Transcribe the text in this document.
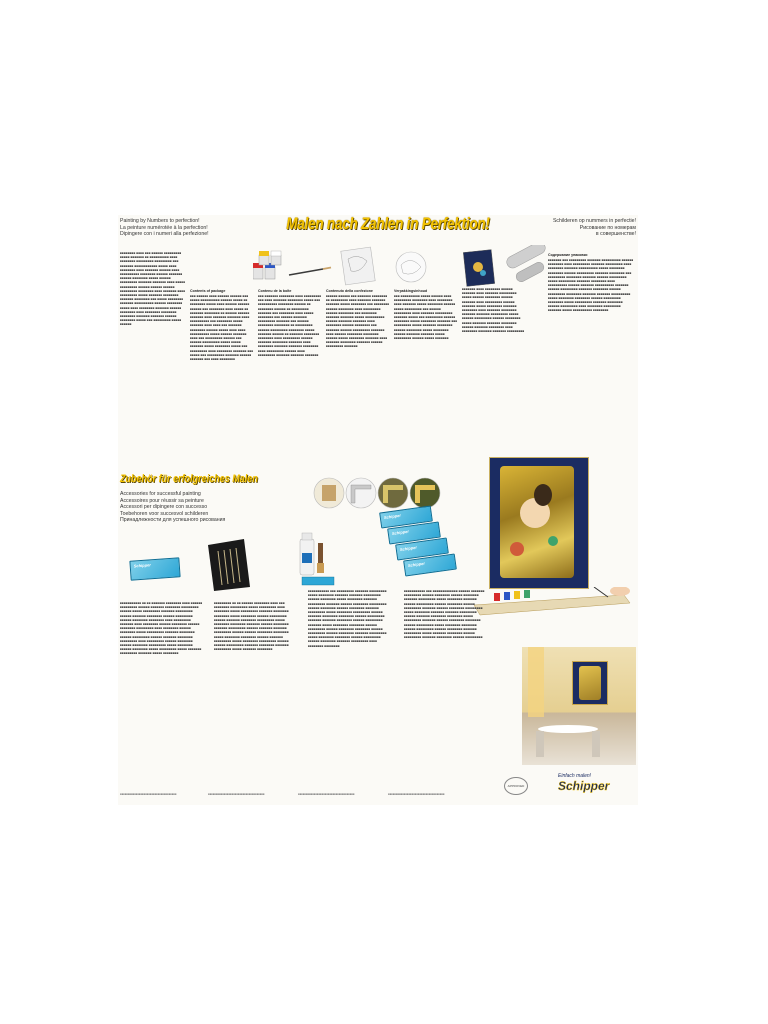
Painting by Numbers to perfection!
La peinture numérotée à la perfection!
Dipingere con i numeri alla perfezione!
Malen nach Zahlen in Perfektion!	Schilderen op nummers in perfectie!
Рисование по номерам
в совершенстве!

■■■■■■■■ ■■■■ ■■■ ■■■■■■ ■■■■■■■■■ ■■■■■ ■■■■■■■ ■■ ■■■■■■■■■■ ■■■■ ■■■■■■■■ ■■■■■■■■■ ■■■■■■■■■ ■■■ ■■■■■■■ ■■■■■■■■■■■■ ■■■■■ ■■■■ ■■■■■■■■ ■■■■ ■■■■■■■ ■■■■■■ ■■■■ ■■■■■■■■■■ ■■■■■■■■ ■■■■■■ ■■■■■■■ ■■■■■■ ■■■■■■■■ ■■■■■ ■■■■■■ ■■■■■■■■■ ■■■■■■■ ■■■■■■■ ■■■■ ■■■■■ ■■■■■■■■■ ■■■■■■ ■■■■■■ ■■■■■■ ■■■■■■■■■ ■■■■■■■■ ■■■■ ■■■■■■■ ■■■■ ■■■■■■■■■ ■■■■■ ■■■■■■■ ■■■■■■■■ ■■■■■■■ ■■■■■■■■ ■■■ ■■■■■ ■■■■■■■■ ■■■■■■■ ■■■■■■■■■■ ■■■■■■ ■■■■■■■■ ■■■■■ ■■■■ ■■■■■■■■ ■■■■■■■ ■■■■■■ ■■■■■■■■ ■■■■ ■■■■■■■■ ■■■■■■■■ ■■■■■■■■ ■■■■■■■ ■■■■■■■ ■■■■■■ ■■■■■■■■ ■■■■■ ■■■ ■■■■■■■■■ ■■■■■ ■■■■■■

Contents of package

■■■ ■■■■■■ ■■■■ ■■■■■■ ■■■■■■ ■■■ ■■■■■ ■■■■■■■■■■ ■■■■■■ ■■■■■ ■■ ■■■■■■■■ ■■■■■ ■■■■ ■■■■■■ ■■■■■■ ■■■■■■ ■■■ ■■■■■■■■ ■■■■ ■■■■■ ■■ ■■■■■■■ ■■■■■■■■ ■■ ■■■■■■ ■■■■■■ ■■■■■■■ ■■■■ ■■■■■■■ ■■■■■■■ ■■■■ ■■■■■■■■■■ ■■■ ■■■■■■■■ ■■■■■ ■■■■■■■ ■■■■ ■■■■ ■■■ ■■■■■■■ ■■■■■■■■ ■■■■■■ ■■■■■ ■■■■ ■■■■ ■■■■■■■■■■ ■■■■■ ■■■■■■ ■■■■■■■ ■■■■ ■■■ ■■■■■■■■■ ■■■■■■ ■■■ ■■■■■■ ■■■■■■■■■ ■■■■■ ■■■■■ ■■■■■■■ ■■■■■ ■■■■■■■■ ■■■■■ ■■■ ■■■■■■■■■ ■■■■ ■■■■■■■■ ■■■■■■■ ■■■ ■■■■■ ■■■ ■■■■■■■■■ ■■■■■■■ ■■■■■■ ■■■■■■■ ■■■ ■■■■ ■■■■■■■■

Contenu de la boîte

■■■ ■■■■■■■ ■■■■■■■■ ■■■■ ■■■■■■■■■ ■■■ ■■■■ ■■■■■■■ ■■■■■■■■ ■■■■■ ■■■ ■■■■■■■■■■ ■■■■■■■■ ■■■■■■ ■■ ■■■■■■■■ ■■■■■■ ■■ ■■■■■■■■■ ■■■■■■■ ■■■ ■■■■■■■■ ■■■■ ■■■■■ ■■■■■■■■ ■■■ ■■■■■■ ■■■■■■■ ■■■■■■■■■ ■■■■■■■ ■■■ ■■■■■■ ■■■■■■■■ ■■■■■■■■ ■■ ■■■■■■■■■ ■■■■■■ ■■■■■■■■■ ■■■■■■■■ ■■■■■ ■■■■■■■ ■■■■■■ ■■ ■■■■■■■ ■■■■■■■■ ■■■■■■■■ ■■■■ ■■■■■■■■■ ■■■■■■ ■■■■■■■ ■■■■■■■■ ■■■■■■■ ■■■■ ■■■■■■■■ ■■■■■■■ ■■■■■■■ ■■■■■■■■ ■■■■ ■■■■■■■■■ ■■■■■■ ■■■■ ■■■■■■■■■ ■■■■■■■ ■■■■■■■ ■■■■■■■

Contenuto della confezione

■■■■■■ ■■■■■■ ■■■ ■■■■■■■ ■■■■■■■■ ■■ ■■■■■■■■■ ■■■■ ■■■■■■■ ■■■■■■■ ■■■■■■■ ■■■■■ ■■■■■■■■ ■■■ ■■■■■■■■ ■■■■■■ ■■■■■■■■ ■■■■ ■■■■■■■■■ ■■■■■■ ■■■■■■■■ ■■■ ■■■■■■■■ ■■■■■■■ ■■■■■■■ ■■■■■ ■■■■■■■■■■ ■■■■■■ ■■■■■■■ ■■■■■■■ ■■■■ ■■■■■■■■ ■■■■■■ ■■■■■■■■ ■■■ ■■■■■■■ ■■■■■■ ■■■■■■■■■ ■■■■■■■ ■■■■ ■■■■■■ ■■■■■■■■ ■■■■■■■■ ■■■■■■ ■■■■■ ■■■■■■■■ ■■■■■■■ ■■■■ ■■■■■■■ ■■■■■■■■ ■■■■■■■ ■■■■■■ ■■■■■■■■■ ■■■■■■■

Verpakkingsinhoud

■■■ ■■■■■■■■■■ ■■■■■ ■■■■■■ ■■■■ ■■■■■■■■■ ■■■■■■■■ ■■■■ ■■■■■■■■ ■■■■ ■■■■■■■ ■■■■■ ■■■■■■■■ ■■■■■■ ■■■■■ ■■■■■■■■■ ■■■ ■■■■■■ ■■■■■■■■■ ■■■■ ■■■■■■■ ■■■■■■■■■ ■■■■■■■ ■■■■■ ■■■ ■■■■■■■■■ ■■■■■■ ■■■■■■■■ ■■■■■ ■■■■■■■■ ■■■■■■■ ■■■ ■■■■■■■■■ ■■■■■ ■■■■■■■ ■■■■■■■■ ■■■■■■ ■■■■■■■■ ■■■■■ ■■■■■■■■ ■■■■■■ ■■■■■■■ ■■■■■■■ ■■■■■ ■■■■■■■■■ ■■■■■■ ■■■■■ ■■■■■■■

■■■■■■■ ■■■■ ■■■■■■■■ ■■■■■■ ■■■■■■■ ■■■■ ■■■■■■■ ■■■■■■■■■ ■■■■■ ■■■■■■ ■■■■■■■■ ■■■■■■ ■■■■■■■ ■■■■ ■■■■■■■■■ ■■■■■■ ■■■■■■■ ■■■■■ ■■■■■■■■ ■■■■■■■ ■■■■■■■■ ■■■■ ■■■■■■■ ■■■■■■■■ ■■■■■■■ ■■■■■■■ ■■■■■■■■■ ■■■■■ ■■■■■■ ■■■■■■■■■ ■■■■■■ ■■■■■■■■ ■■■■■ ■■■■■■■ ■■■■■■■ ■■■■■■■■ ■■■■■■ ■■■■■■■ ■■■■■■■■ ■■■■ ■■■■■■■■ ■■■■■■■ ■■■■■■■ ■■■■■■■■■

Содержание упаковки

■■■■■■■ ■■■ ■■■■■■■■■ ■■■■■■■ ■■■■■■■■■■ ■■■■■■ ■■■■■■■■ ■■■■ ■■■■■■■■■ ■■■■■■■ ■■■■■■■■■ ■■■■ ■■■■■■■■ ■■■■■■■ ■■■■■■■■■■ ■■■■■ ■■■■■■■■ ■■■■■■■■ ■■■■■■ ■■■■■■■■■ ■■■■■■■ ■■■■■■■■ ■■■ ■■■■■■■■■ ■■■■■■■■ ■■■■■■■ ■■■■■■ ■■■■■■■■■ ■■■■■ ■■■■■■■■■ ■■■■■■■ ■■■■■■■■ ■■■■ ■■■■■■■■■■ ■■■■■■ ■■■■■■■ ■■■■■■■■■■ ■■■■■■■ ■■■■■■ ■■■■■■■■■ ■■■■■■■ ■■■■■■■■ ■■■■■■ ■■■■■■■■■ ■■■■■■■■ ■■■■■■■ ■■■■■■■ ■■■■■■■■■■ ■■■■■ ■■■■■■■■ ■■■■■■■■ ■■■■■■ ■■■■■■■■■ ■■■■■■■■ ■■■■■ ■■■■■■■■■ ■■■■■■■ ■■■■■■■■ ■■■■■■ ■■■■■■■■■ ■■■■ ■■■■■■■■ ■■■■■■■■■ ■■■■■■■ ■■■■■ ■■■■■■■■■■ ■■■■■■■■

Zubehör für erfolgreiches Malen
Accessories for successful painting
Accessoires pour réussir sa peinture
Accessori per dipingere con successo
Toebehoren voor succesvol schilderen
Принадлежности для успешного рисования
Schipper
Schipper
Schipper
Schipper
Schipper

■■■■■■■■■■■ ■■ ■■ ■■■■■■■ ■■■■■■■■ ■■■■ ■■■■■■ ■■■■■■■■■ ■■■■■■ ■■■■■■■ ■■■■■■■■ ■■■■■■■■■ ■■■■■■ ■■■■■ ■■■■■■■■■ ■■■■■■■ ■■■■■■■■■ ■■■■■■ ■■■■■■■ ■■■■■■■■ ■■■■■■ ■■■■■■■■■ ■■■■■■ ■■■■■■■■ ■■■■■■■■ ■■■■ ■■■■■■■■■ ■■■■■■■ ■■■■ ■■■■■■■■ ■■■■■■ ■■■■■■■■ ■■■■■■ ■■■■■■■■ ■■■■■■■■■ ■■■■ ■■■■■■■■ ■■■■■■ ■■■■■■■■ ■■■■■ ■■■■■■■■■ ■■■■■■■ ■■■■■■■■ ■■■■■■ ■■■■■■■■■ ■■■■■■ ■■■■■■■ ■■■■■■■■ ■■■■■■■■■ ■■■■ ■■■■■■■■■ ■■■■■■ ■■■■■■■■ ■■■■■■ ■■■■■■■■ ■■■■■■■■■ ■■■■■ ■■■■■■■■ ■■■■■■ ■■■■■■■■ ■■■■■ ■■■■■■■■■ ■■■■■ ■■■■■■■ ■■■■■■■■■ ■■■■■■■ ■■■■■ ■■■■■■■■

■■■■■■■■■ ■■ ■■ ■■■■■■ ■■■■■■■■ ■■■■ ■■■ ■■■■■■■■ ■■■■■■■■■ ■■■■■ ■■■■■■■■■ ■■■■ ■■■■■■■■ ■■■■■ ■■■■■■■■■ ■■■■■■■ ■■■■■■■■ ■■■■■■■■ ■■■■■ ■■■■■■■■ ■■■■■■ ■■■■■■■■■ ■■■■■■ ■■■■■■■ ■■■■■■■■ ■■■■■■■■■ ■■■■■ ■■■■■■■■ ■■■■■■■■ ■■■■■■■ ■■■■■■ ■■■■■■■■ ■■■■■■■ ■■■■■■■■■ ■■■■■■ ■■■■■■■ ■■■■■■■ ■■■■■■■■■ ■■■■■■ ■■■■■■ ■■■■■■■■ ■■■■■■■■ ■■■■■ ■■■■■■■■ ■■■■■■■■ ■■■■■■ ■■■■■■■ ■■■■■■■■■ ■■■■■ ■■■■■■■■ ■■■■■■■■■ ■■■■■■ ■■■■■■ ■■■■■■■■■ ■■■■■■■ ■■■■■■■■ ■■■■■■■ ■■■■■■■■■ ■■■■■ ■■■■■■■ ■■■■■■■■

■■■■■■■■■■■ ■■■ ■■■■■■■■■ ■■■■■■■ ■■■■■■■■■ ■■■■■ ■■■■■■■■ ■■■■■■■ ■■■■■■■ ■■■■■■■■■ ■■■■■■ ■■■■■■■■ ■■■■■ ■■■■■■■■ ■■■■■■■ ■■■■■■■■■ ■■■■■■■ ■■■■■■ ■■■■■■■■ ■■■■■■■■■ ■■■■■■ ■■■■■■■■ ■■■■■■ ■■■■■■■■ ■■■■■■■ ■■■■■■■■■ ■■■■■ ■■■■■■■■ ■■■■■■■■■ ■■■■■■ ■■■■■■■ ■■■■■■■■ ■■■■■■■■ ■■■■■■ ■■■■■■■■■ ■■■■■■■ ■■■■■■■ ■■■■■■■■ ■■■■■■ ■■■■■■■■■ ■■■■■■■ ■■■■■ ■■■■■■■■ ■■■■■■■■ ■■■■■■ ■■■■■■■■■ ■■■■■■ ■■■■■■■■ ■■■■■■■■ ■■■■■■ ■■■■■■■■■ ■■■■■■ ■■■■■■■■ ■■■■■■■ ■■■■■■■■■ ■■■■■ ■■■■■■■■ ■■■■■■■■ ■■■■■■ ■■■■■■■■■ ■■■■■■ ■■■■■■■■ ■■■■■■■ ■■■■■■■■■ ■■■■ ■■■■■■■■ ■■■■■■■■

■■■■■■■■■■■ ■■■ ■■■■■■■■■■■■■ ■■■■■■ ■■■■■■■ ■■■■■■■■■ ■■■■■■ ■■■■■■■■ ■■■■■■ ■■■■■■■■ ■■■■■■■ ■■■■■■■■■ ■■■■■ ■■■■■■■■ ■■■■■■■ ■■■■■■ ■■■■■■■■■ ■■■■■■ ■■■■■■■■ ■■■■■■ ■■■■■■■■■ ■■■■■■■ ■■■■■■ ■■■■■■■■ ■■■■■■■■■ ■■■■■ ■■■■■■■■ ■■■■■■■ ■■■■■■■ ■■■■■■■■■ ■■■■■■ ■■■■■■■ ■■■■■■■■ ■■■■■■■■ ■■■■■ ■■■■■■■■■ ■■■■■■■ ■■■■■■ ■■■■■■■■ ■■■■■■■■ ■■■■■■ ■■■■■■■■■ ■■■■■ ■■■■■■■■ ■■■■■■■■ ■■■■■■ ■■■■■■■■■ ■■■■■■ ■■■■■■■■ ■■■■■■■ ■■■■■■■■■ ■■■■■ ■■■■■■■ ■■■■■■■■ ■■■■■■ ■■■■■■■■■ ■■■■■■■ ■■■■■■■■ ■■■■■■ ■■■■■■■■■

Einfach malen!
Schipper
APPROVED
■■■■■■■■■■■■■■■■■■■■■■■■■■■■■■■■■■■■	■■■■■■■■■■■■■■■■■■■■■■■■■■■■■■■■■■■■	■■■■■■■■■■■■■■■■■■■■■■■■■■■■■■■■■■■■	■■■■■■■■■■■■■■■■■■■■■■■■■■■■■■■■■■■■
